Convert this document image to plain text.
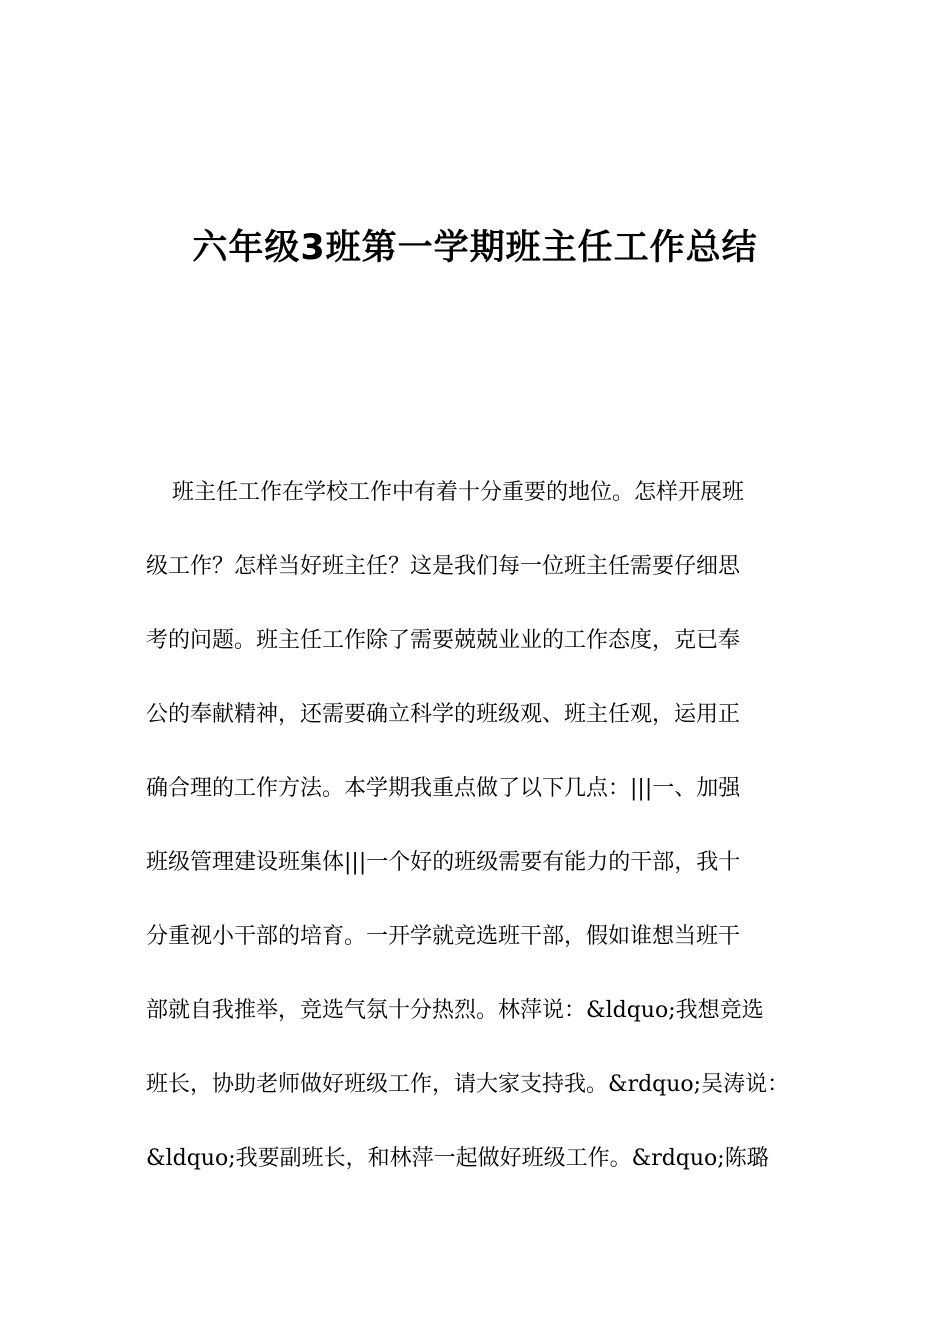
六年级3班第一学期班主任工作总结
班主任工作在学校工作中有着十分重要的地位。怎样开展班
级工作？怎样当好班主任？这是我们每一位班主任需要仔细思
考的问题。班主任工作除了需要兢兢业业的工作态度，克已奉
公的奉献精神，还需要确立科学的班级观、班主任观，运用正
确合理的工作方法。本学期我重点做了以下几点：|||一、加强
班级管理建设班集体|||一个好的班级需要有能力的干部，我十
分重视小干部的培育。一开学就竞选班干部，假如谁想当班干
部就自我推举，竞选气氛十分热烈。林萍说：&ldquo;我想竞选
班长，协助老师做好班级工作，请大家支持我。&rdquo;吴涛说：
&ldquo;我要副班长，和林萍一起做好班级工作。&rdquo;陈璐
